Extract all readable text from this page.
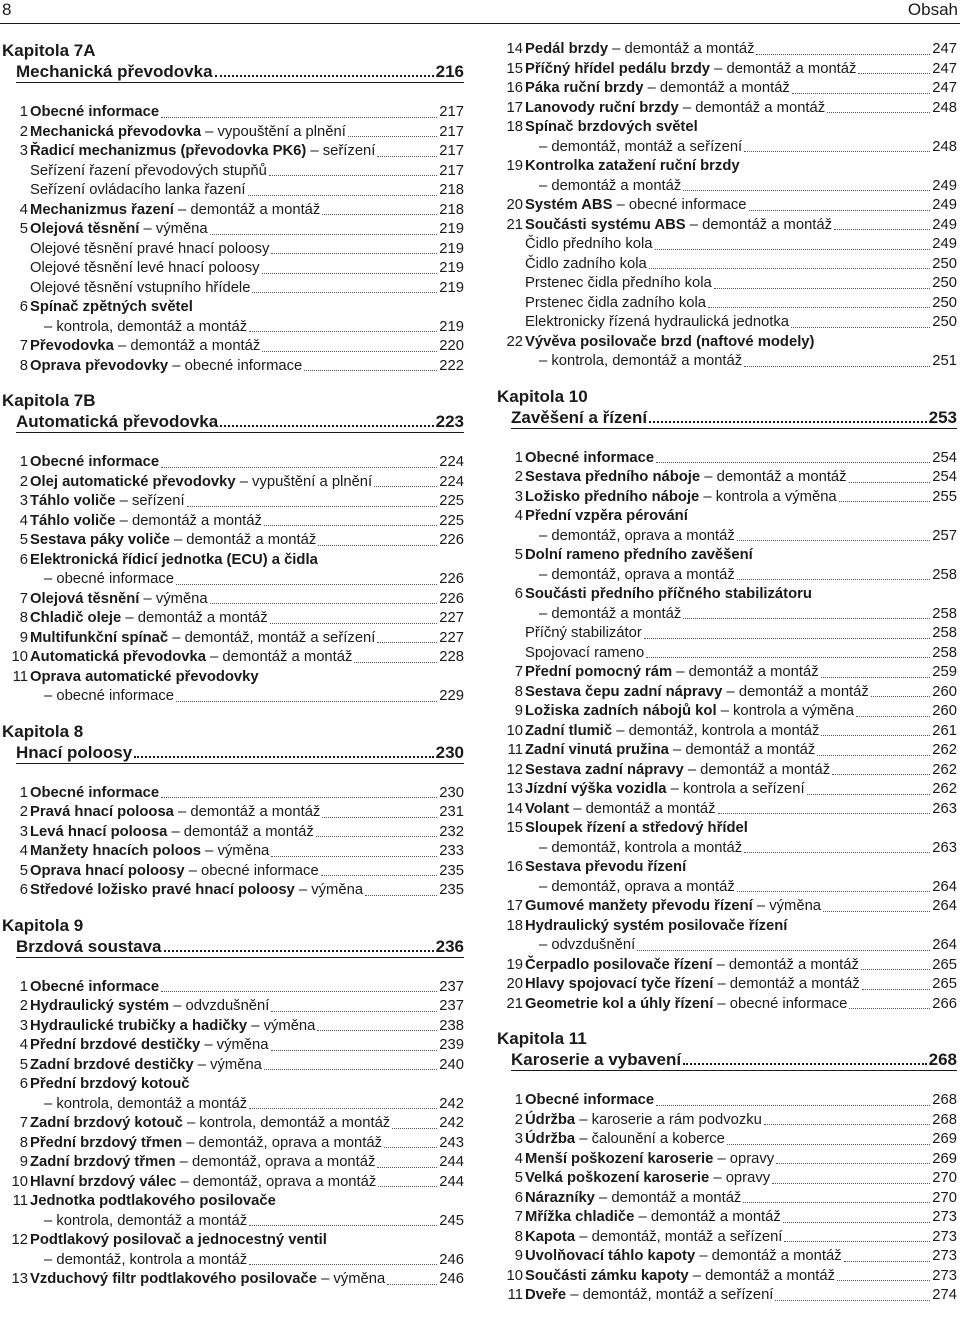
8	Obsah
Kapitola 7A
Mechanická převodovka	216
1 Obecné informace	217
2 Mechanická převodovka – vypouštění a plnění	217
3 Řadicí mechanizmus (převodovka PK6) – seřízení	217
Seřízení řazení převodových stupňů	217
Seřízení ovládacího lanka řazení	218
4 Mechanizmus řazení – demontáž a montáž	218
5 Olejová těsnění – výměna	219
Olejové těsnění pravé hnací poloosy	219
Olejové těsnění levé hnací poloosy	219
Olejové těsnění vstupního hřídele	219
6 Spínač zpětných světel
– kontrola, demontáž a montáž	219
7 Převodovka – demontáž a montáž	220
8 Oprava převodovky – obecné informace	222
Kapitola 7B
Automatická převodovka	223
1 Obecné informace	224
2 Olej automatické převodovky – vypuštění a plnění	224
3 Táhlo voliče – seřízení	225
4 Táhlo voliče – demontáž a montáž	225
5 Sestava páky voliče – demontáž a montáž	226
6 Elektronická řídicí jednotka (ECU) a čidla
– obecné informace	226
7 Olejová těsnění – výměna	226
8 Chladič oleje – demontáž a montáž	227
9 Multifunkční spínač – demontáž, montáž a seřízení	227
10 Automatická převodovka – demontáž a montáž	228
11 Oprava automatické převodovky
– obecné informace	229
Kapitola 8
Hnací poloosy	230
1 Obecné informace	230
2 Pravá hnací poloosa – demontáž a montáž	231
3 Levá hnací poloosa – demontáž a montáž	232
4 Manžety hnacích poloos – výměna	233
5 Oprava hnací poloosy – obecné informace	235
6 Středové ložisko pravé hnací poloosy – výměna	235
Kapitola 9
Brzdová soustava	236
1 Obecné informace	237
2 Hydraulický systém – odvzdušnění	237
3 Hydraulické trubičky a hadičky – výměna	238
4 Přední brzdové destičky – výměna	239
5 Zadní brzdové destičky – výměna	240
6 Přední brzdový kotouč
– kontrola, demontáž a montáž	242
7 Zadní brzdový kotouč – kontrola, demontáž a montáž	242
8 Přední brzdový třmen – demontáž, oprava a montáž	243
9 Zadní brzdový třmen – demontáž, oprava a montáž	244
10 Hlavní brzdový válec – demontáž, oprava a montáž	244
11 Jednotka podtlakového posilovače
– kontrola, demontáž a montáž	245
12 Podtlakový posilovač a jednocestný ventil
– demontáž, kontrola a montáž	246
13 Vzduchový filtr podtlakového posilovače – výměna	246
14 Pedál brzdy – demontáž a montáž	247
15 Příčný hřídel pedálu brzdy – demontáž a montáž	247
16 Páka ruční brzdy – demontáž a montáž	247
17 Lanovody ruční brzdy – demontáž a montáž	248
18 Spínač brzdových světel
– demontáž, montáž a seřízení	248
19 Kontrolka zatažení ruční brzdy
– demontáž a montáž	249
20 Systém ABS – obecné informace	249
21 Součásti systému ABS – demontáž a montáž	249
Čidlo předního kola	249
Čidlo zadního kola	250
Prstenec čidla předního kola	250
Prstenec čidla zadního kola	250
Elektronicky řízená hydraulická jednotka	250
22 Vývěva posilovače brzd (naftové modely)
– kontrola, demontáž a montáž	251
Kapitola 10
Zavěšení a řízení	253
1 Obecné informace	254
2 Sestava předního náboje – demontáž a montáž	254
3 Ložisko předního náboje – kontrola a výměna	255
4 Přední vzpěra pérování
– demontáž, oprava a montáž	257
5 Dolní rameno předního zavěšení
– demontáž, oprava a montáž	258
6 Součásti předního příčného stabilizátoru
– demontáž a montáž	258
Příčný stabilizátor	258
Spojovací rameno	258
7 Přední pomocný rám – demontáž a montáž	259
8 Sestava čepu zadní nápravy – demontáž a montáž	260
9 Ložiska zadních nábojů kol – kontrola a výměna	260
10 Zadní tlumič – demontáž, kontrola a montáž	261
11 Zadní vinutá pružina – demontáž a montáž	262
12 Sestava zadní nápravy – demontáž a montáž	262
13 Jízdní výška vozidla – kontrola a seřízení	262
14 Volant – demontáž a montáž	263
15 Sloupek řízení a středový hřídel
– demontáž, kontrola a montáž	263
16 Sestava převodu řízení
– demontáž, oprava a montáž	264
17 Gumové manžety převodu řízení – výměna	264
18 Hydraulický systém posilovače řízení
– odvzdušnění	264
19 Čerpadlo posilovače řízení – demontáž a montáž	265
20 Hlavy spojovací tyče řízení – demontáž a montáž	265
21 Geometrie kol a úhly řízení – obecné informace	266
Kapitola 11
Karoserie a vybavení	268
1 Obecné informace	268
2 Údržba – karoserie a rám podvozku	268
3 Údržba – čalounění a koberce	269
4 Menší poškození karoserie – opravy	269
5 Velká poškození karoserie – opravy	270
6 Nárazníky – demontáž a montáž	270
7 Mřížka chladiče – demontáž a montáž	273
8 Kapota – demontáž, montáž a seřízení	273
9 Uvolňovací táhlo kapoty – demontáž a montáž	273
10 Součásti zámku kapoty – demontáž a montáž	273
11 Dveře – demontáž, montáž a seřízení	274
